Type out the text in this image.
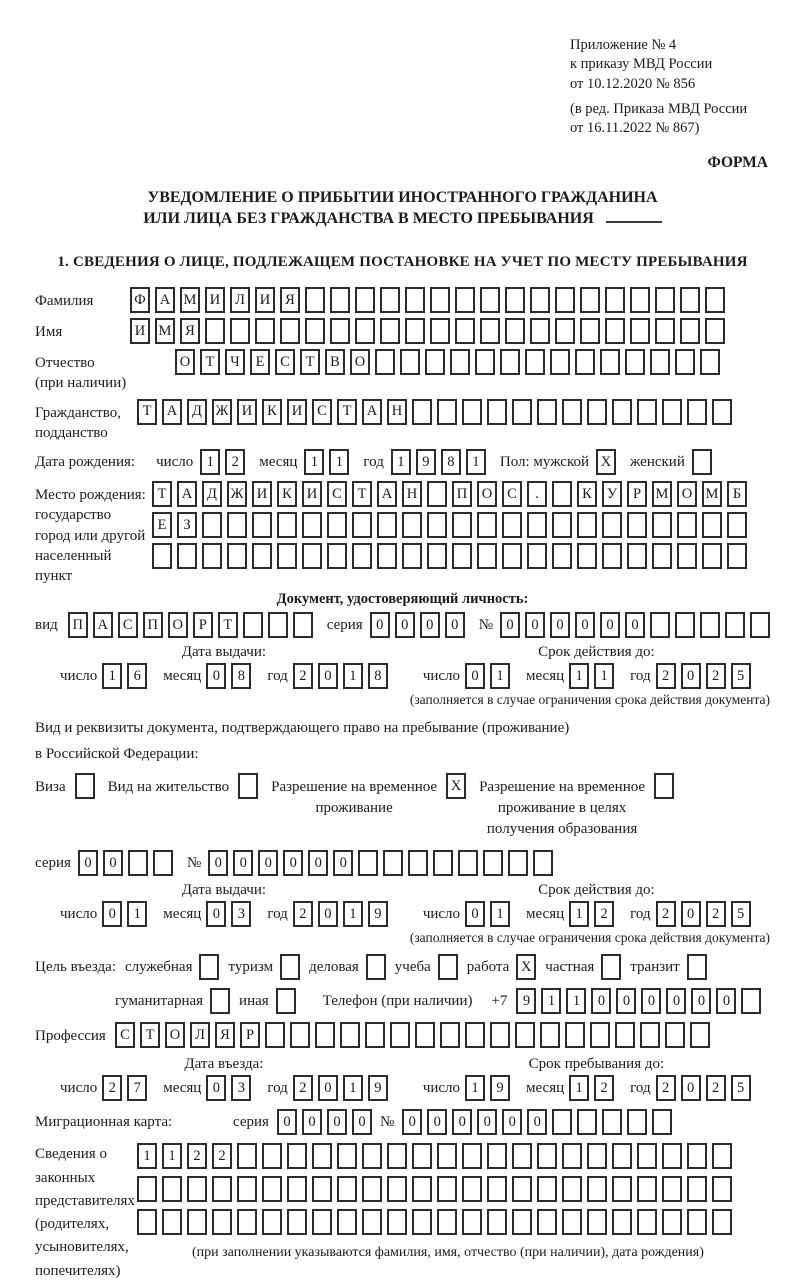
Приложение № 4
к приказу МВД России
от 10.12.2020 № 856
(в ред. Приказа МВД России
от 16.11.2022 № 867)
ФОРМА
УВЕДОМЛЕНИЕ О ПРИБЫТИИ ИНОСТРАННОГО ГРАЖДАНИНА
ИЛИ ЛИЦА БЕЗ ГРАЖДАНСТВА В МЕСТО ПРЕБЫВАНИЯ
1. СВЕДЕНИЯ О ЛИЦЕ, ПОДЛЕЖАЩЕМ ПОСТАНОВКЕ НА УЧЕТ ПО МЕСТУ ПРЕБЫВАНИЯ
Фамилия	Ф А М И	Л	И	Я
Имя	И М Я
Отчество
(при наличии)
О	Т	Ч	Е	С	Т	В	О
Гражданство,
подданство
Т	А	Д Ж И	К	И	С	Т	А	Н
Дата рождения: число 1	2	месяц 1	1	год 1	9	8	1	Пол: мужской X	женский
Место рождения:
государство
город или другой
населенный пункт
Т	А	Д Ж И	К	И	С	Т	А	Н	П	О	С	.	К	У	Р	М О М Б
Е	З
Документ, удостоверяющий личность:
вид	П	А	С	П	О	Р	Т	серия 0	0	0	0	№ 0	0	0	0	0	0
Дата выдачи:
число 1	6	месяц 0	8	год 2	0	1	8
Срок действия до:
число 0	1	месяц 1	1	год 2	0	2	5
(заполняется в случае ограничения срока действия документа)
Вид и реквизиты документа, подтверждающего право на пребывание (проживание)
в Российской Федерации:
Виза	Вид на жительство	Разрешение на временное
проживание
X	Разрешение на временное
проживание в целях
получения образования
серия 0	0	№ 0	0	0	0	0	0
Дата выдачи:
число 0	1	месяц 0	3	год 2	0	1	9
Срок действия до:
число 0	1	месяц 1	2	год 2	0	2	5
(заполняется в случае ограничения срока действия документа)
Цель въезда: служебная туризм деловая учеба работа X частная транзит
гуманитарная иная	Телефон (при наличии) +7	9	1	1	0	0	0	0	0	0
Профессия С	Т	О	Л	Я	Р
Дата въезда:
число 2	7	месяц 0	3	год 2	0	1	9
Срок пребывания до:
число 1	9	месяц 1	2	год 2	0	2	5
Миграционная карта:	серия 0	0	0	0 № 0	0	0	0	0	0
Сведения о
законных
представителях
(родителях,
усыновителях,
попечителях)
1	1	2	2
(при заполнении указываются фамилия, имя, отчество (при наличии), дата рождения)
